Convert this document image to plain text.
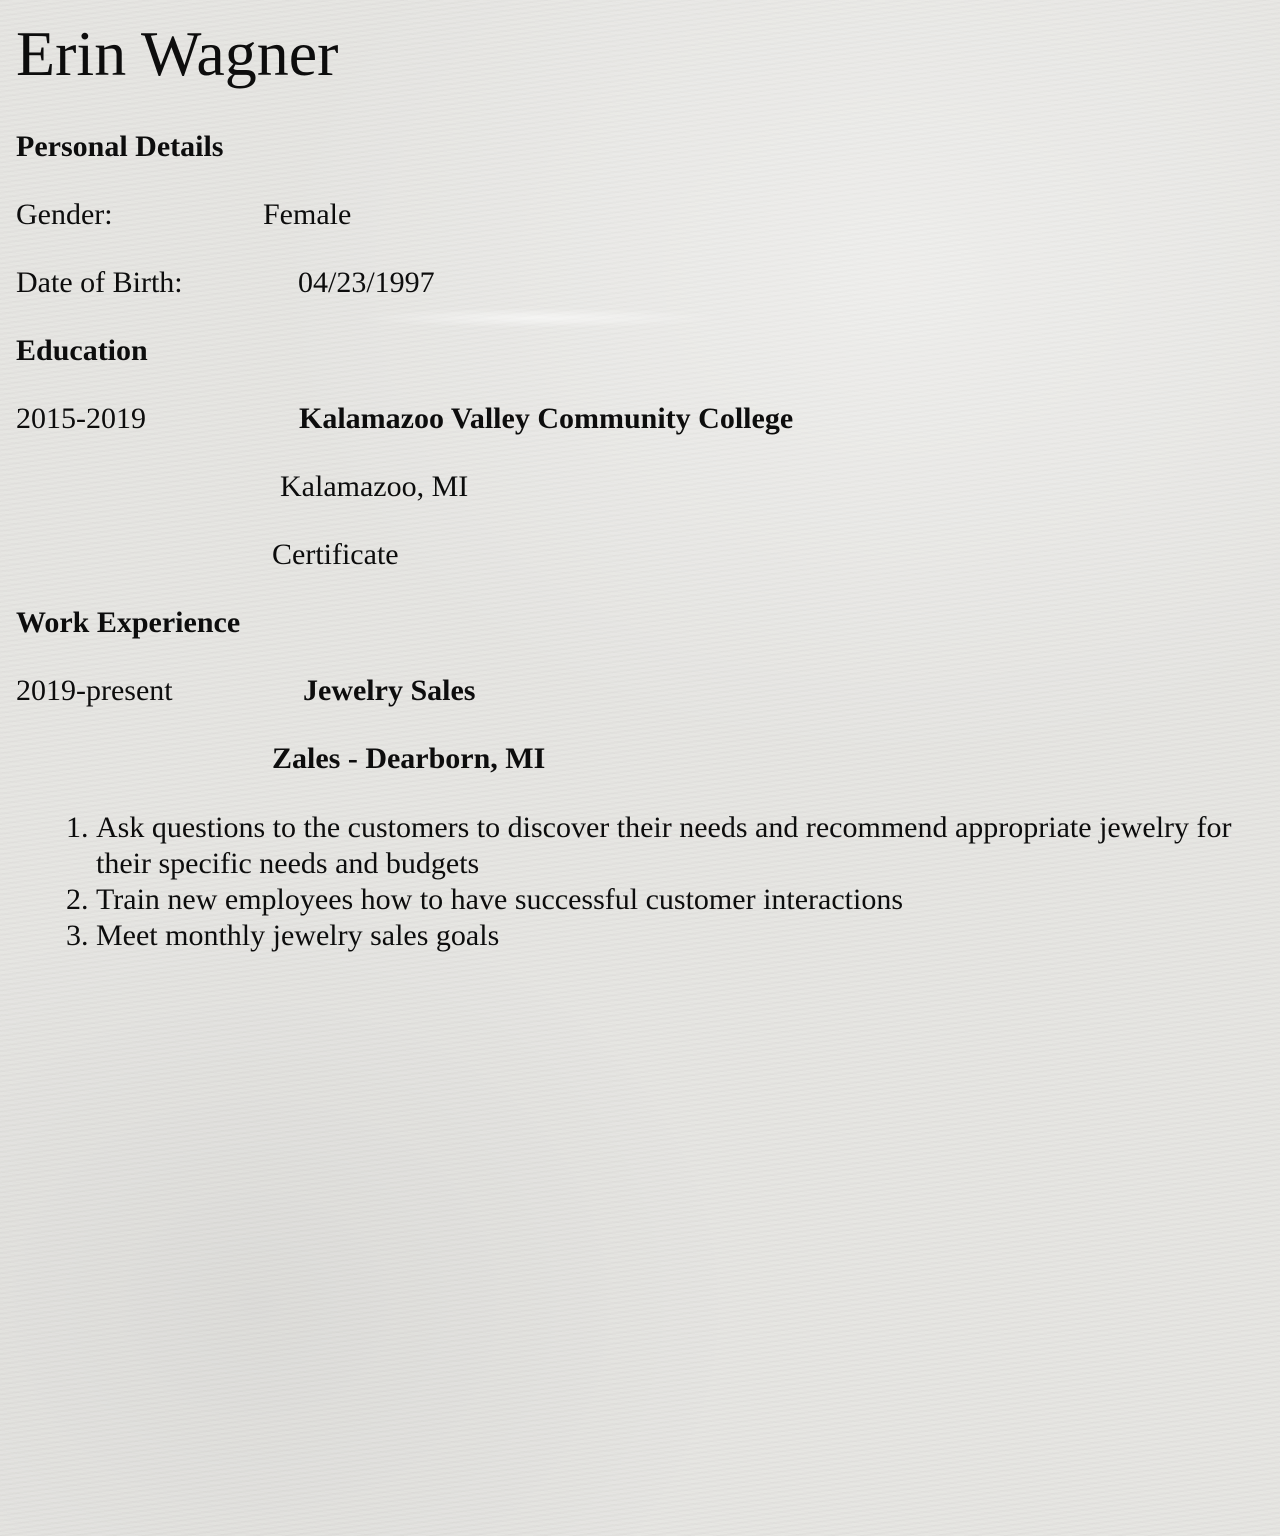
Erin Wagner
Personal Details
Gender:	Female
Date of Birth:	04/23/1997
Education
2015-2019	Kalamazoo Valley Community College
Kalamazoo, MI
Certificate
Work Experience
2019-present	Jewelry Sales
Zales - Dearborn, MI
1. Ask questions to the customers to discover their needs and recommend appropriate jewelry for their specific needs and budgets
2. Train new employees how to have successful customer interactions
3. Meet monthly jewelry sales goals
